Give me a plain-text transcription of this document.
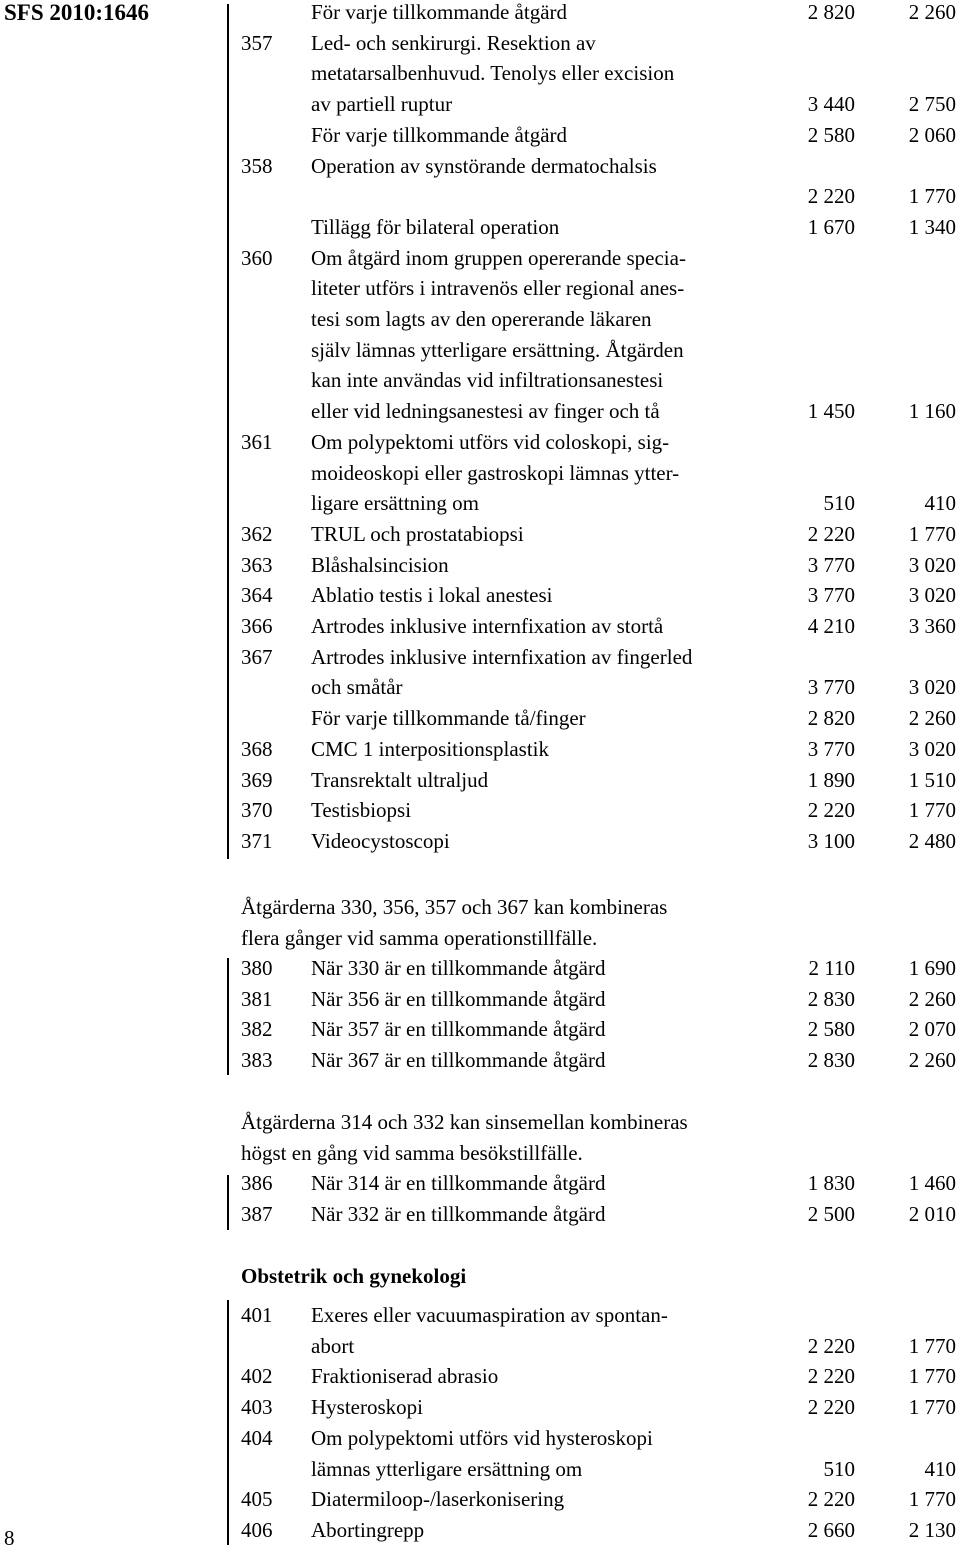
SFS 2010:1646
8
För varje tillkommande åtgärd	2 820	2 260
357 Led- och senkirurgi. Resektion av
metatarsalbenhuvud. Tenolys eller excision
av partiell ruptur	3 440	2 750
För varje tillkommande åtgärd	2 580	2 060
358 Operation av synstörande dermatochalsis
2 220	1 770
Tillägg för bilateral operation	1 670	1 340
360 Om åtgärd inom gruppen opererande specia-
liteter utförs i intravenös eller regional anes-
tesi som lagts av den opererande läkaren
själv lämnas ytterligare ersättning. Åtgärden
kan inte användas vid infiltrationsanestesi
eller vid ledningsanestesi av finger och tå	1 450	1 160
361 Om polypektomi utförs vid coloskopi, sig-
moideoskopi eller gastroskopi lämnas ytter-
ligare ersättning om	510	410
362 TRUL och prostatabiopsi	2 220	1 770
363 Blåshalsincision	3 770	3 020
364 Ablatio testis i lokal anestesi	3 770	3 020
366 Artrodes inklusive internfixation av stortå	4 210	3 360
367 Artrodes inklusive internfixation av fingerled
och småtår	3 770	3 020
För varje tillkommande tå/finger	2 820	2 260
368 CMC 1 interpositionsplastik	3 770	3 020
369 Transrektalt ultraljud	1 890	1 510
370 Testisbiopsi	2 220	1 770
371 Videocystoscopi	3 100	2 480
Åtgärderna 330, 356, 357 och 367 kan kombineras
flera gånger vid samma operationstillfälle.
380 När 330 är en tillkommande åtgärd	2 110	1 690
381 När 356 är en tillkommande åtgärd	2 830	2 260
382 När 357 är en tillkommande åtgärd	2 580	2 070
383 När 367 är en tillkommande åtgärd	2 830	2 260
Åtgärderna 314 och 332 kan sinsemellan kombineras
högst en gång vid samma besökstillfälle.
386 När 314 är en tillkommande åtgärd	1 830	1 460
387 När 332 är en tillkommande åtgärd	2 500	2 010
Obstetrik och gynekologi
401 Exeres eller vacuumaspiration av spontan-
abort	2 220	1 770
402 Fraktioniserad abrasio	2 220	1 770
403 Hysteroskopi	2 220	1 770
404 Om polypektomi utförs vid hysteroskopi
lämnas ytterligare ersättning om	510	410
405 Diatermiloop-/laserkonisering	2 220	1 770
406 Abortingrepp	2 660	2 130
